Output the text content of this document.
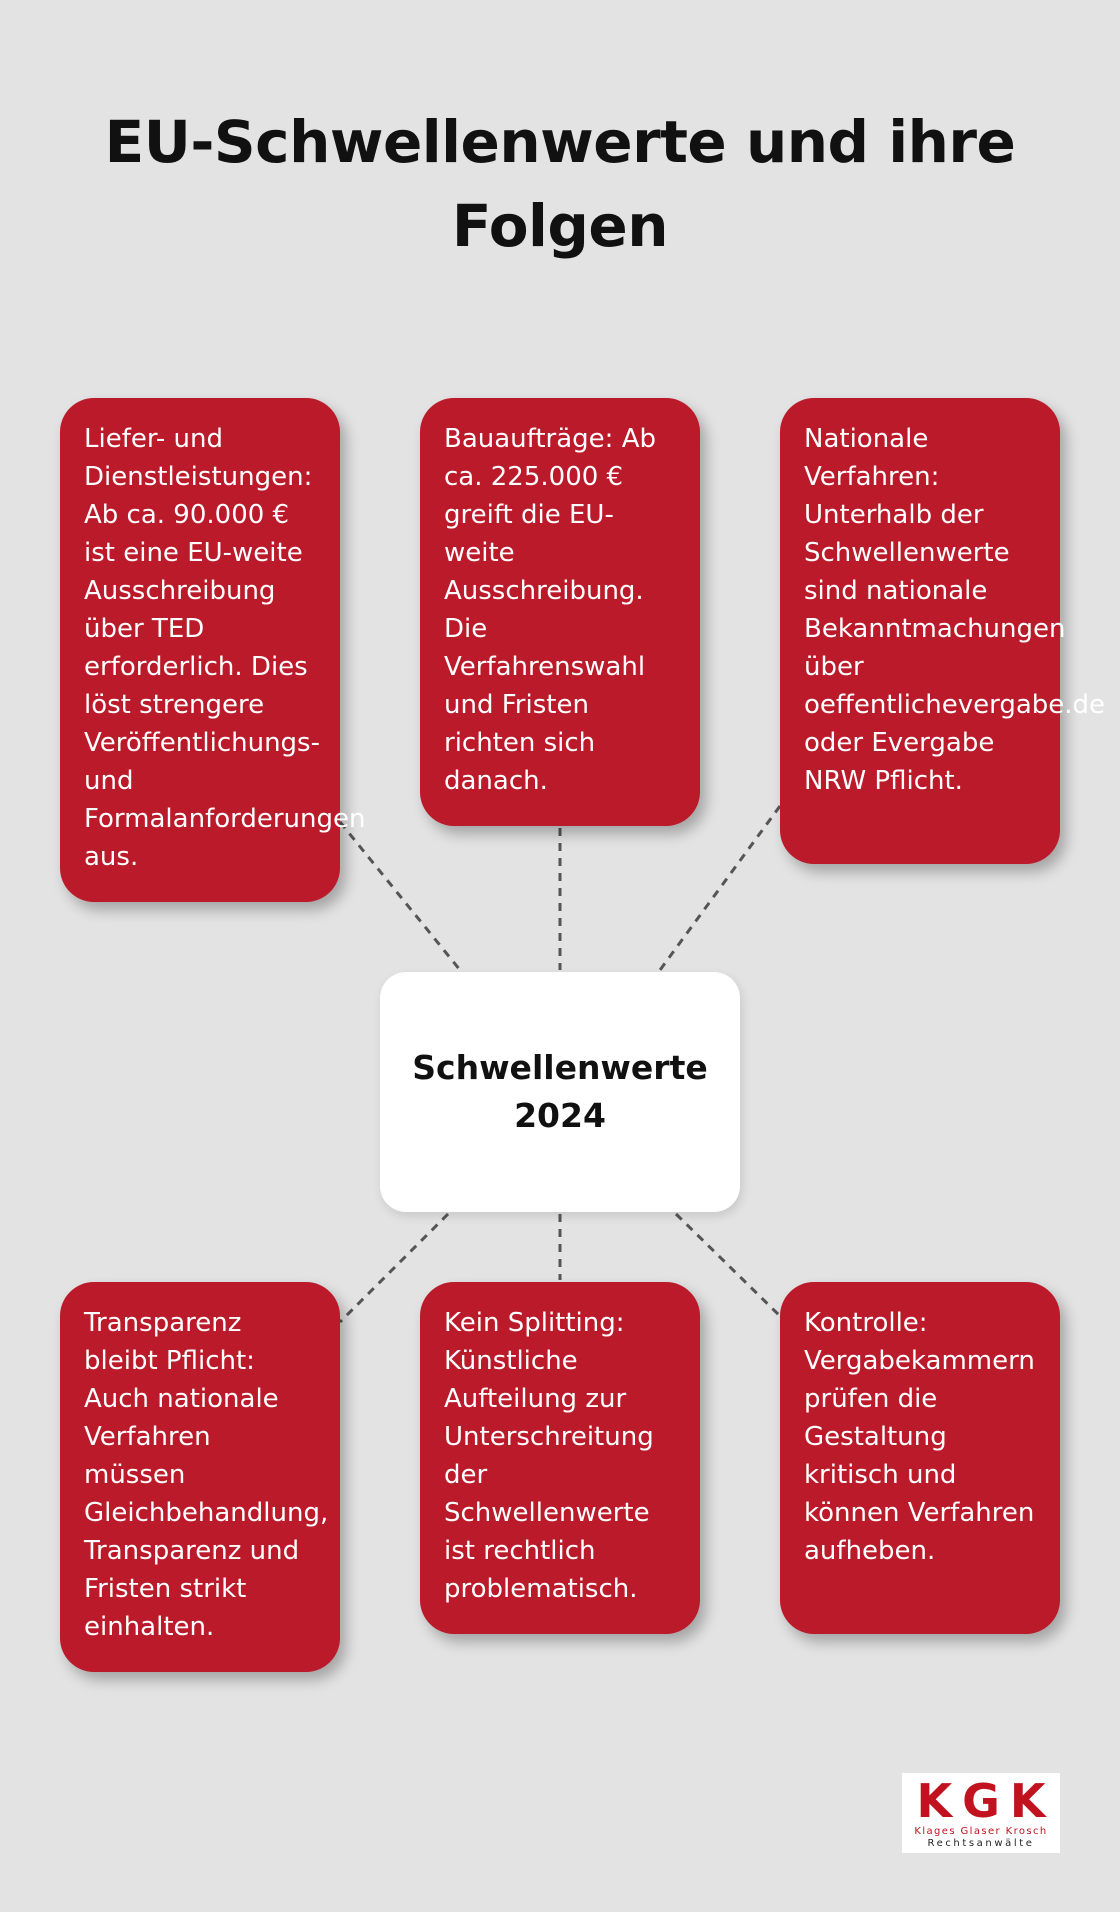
EU-Schwellenwerte und ihre Folgen
Liefer- und Dienstleistungen: Ab ca. 90.000 € ist eine EU-weite Ausschreibung über TED erforderlich. Dies löst strengere Veröffentlichungs- und Formalanforderungen aus.
Bauaufträge: Ab ca. 225.000 € greift die EU-weite Ausschreibung. Die Verfahrenswahl und Fristen richten sich danach.
Nationale Verfahren: Unterhalb der Schwellenwerte sind nationale Bekanntmachungen über oeffentlichevergabe.de oder Evergabe NRW Pflicht.
Schwellenwerte
2024
Transparenz bleibt Pflicht: Auch nationale Verfahren müssen Gleichbehandlung, Transparenz und Fristen strikt einhalten.
Kein Splitting: Künstliche Aufteilung zur Unterschreitung der Schwellenwerte ist rechtlich problematisch.
Kontrolle: Vergabekammern prüfen die Gestaltung kritisch und können Verfahren aufheben.
KGK
Klages Glaser Krosch
Rechtsanwälte
